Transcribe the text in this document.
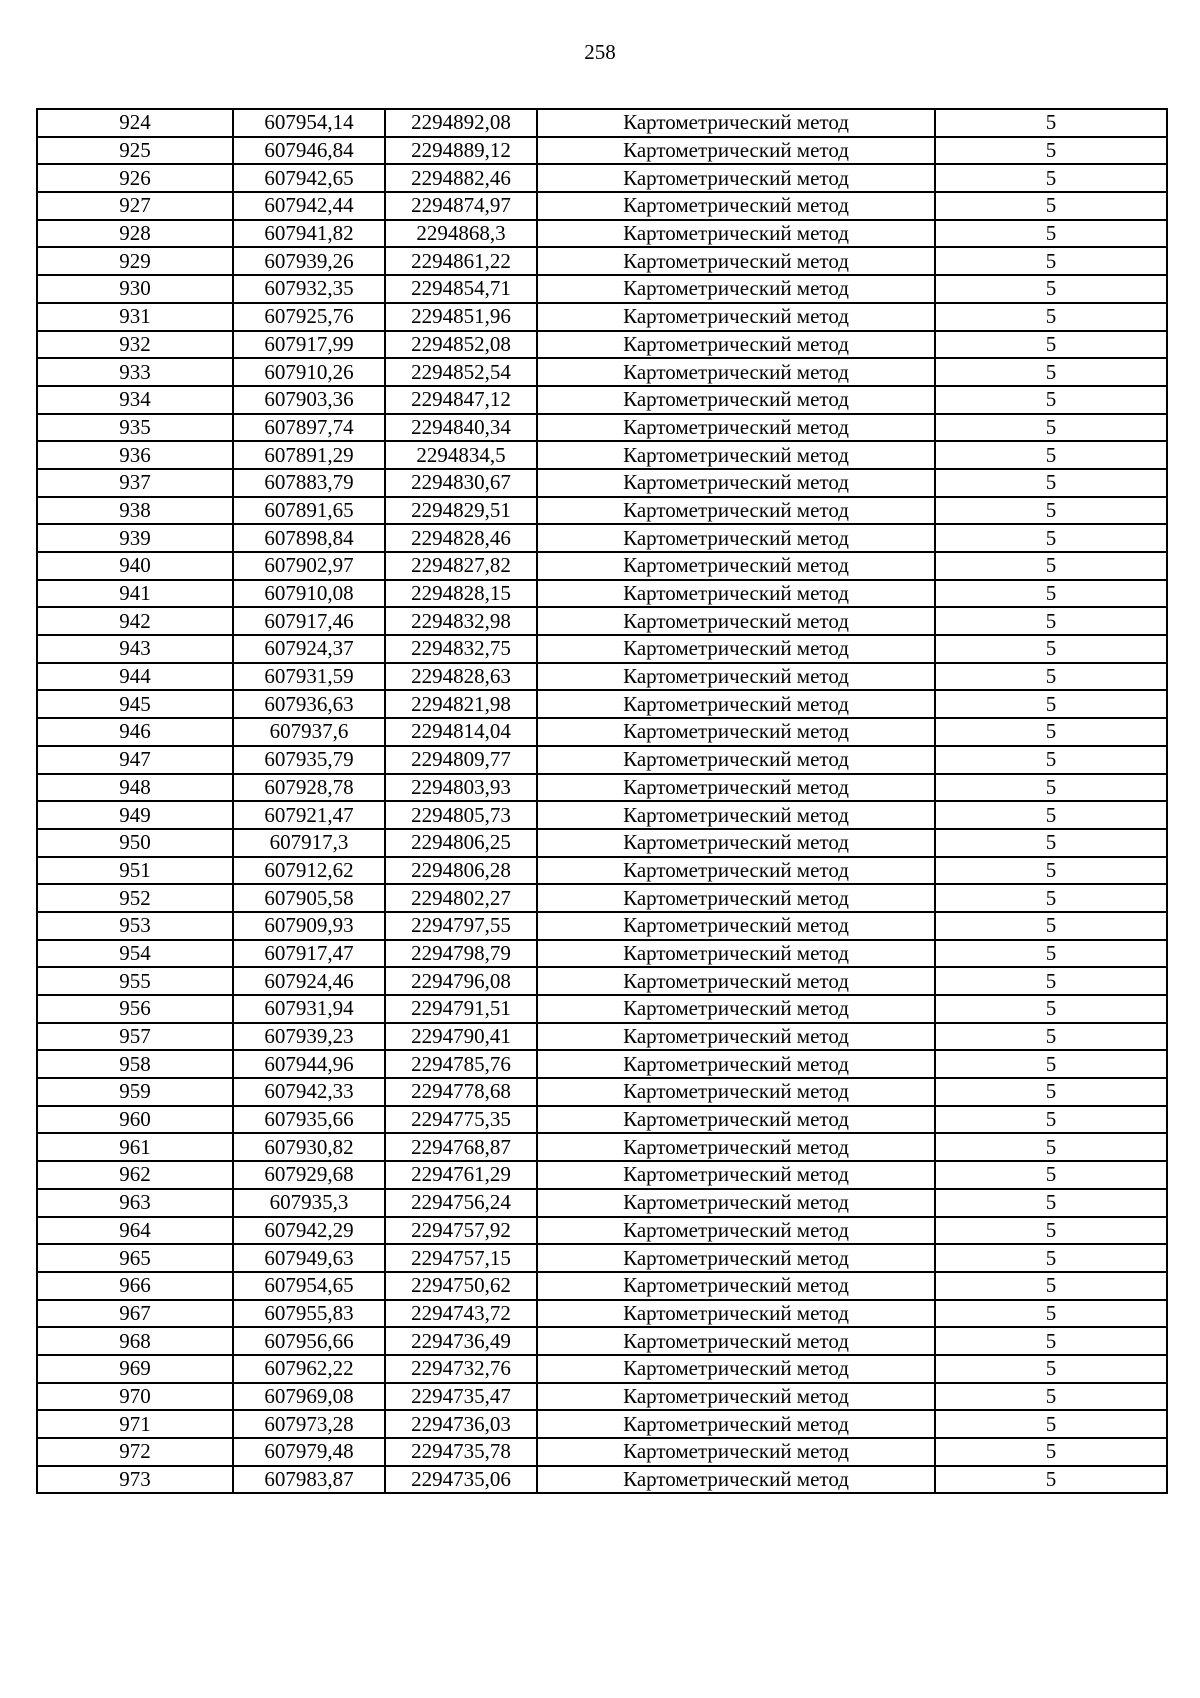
258
924	607954,14	2294892,08	Картометрический метод	5
925	607946,84	2294889,12	Картометрический метод	5
926	607942,65	2294882,46	Картометрический метод	5
927	607942,44	2294874,97	Картометрический метод	5
928	607941,82	2294868,3	Картометрический метод	5
929	607939,26	2294861,22	Картометрический метод	5
930	607932,35	2294854,71	Картометрический метод	5
931	607925,76	2294851,96	Картометрический метод	5
932	607917,99	2294852,08	Картометрический метод	5
933	607910,26	2294852,54	Картометрический метод	5
934	607903,36	2294847,12	Картометрический метод	5
935	607897,74	2294840,34	Картометрический метод	5
936	607891,29	2294834,5	Картометрический метод	5
937	607883,79	2294830,67	Картометрический метод	5
938	607891,65	2294829,51	Картометрический метод	5
939	607898,84	2294828,46	Картометрический метод	5
940	607902,97	2294827,82	Картометрический метод	5
941	607910,08	2294828,15	Картометрический метод	5
942	607917,46	2294832,98	Картометрический метод	5
943	607924,37	2294832,75	Картометрический метод	5
944	607931,59	2294828,63	Картометрический метод	5
945	607936,63	2294821,98	Картометрический метод	5
946	607937,6	2294814,04	Картометрический метод	5
947	607935,79	2294809,77	Картометрический метод	5
948	607928,78	2294803,93	Картометрический метод	5
949	607921,47	2294805,73	Картометрический метод	5
950	607917,3	2294806,25	Картометрический метод	5
951	607912,62	2294806,28	Картометрический метод	5
952	607905,58	2294802,27	Картометрический метод	5
953	607909,93	2294797,55	Картометрический метод	5
954	607917,47	2294798,79	Картометрический метод	5
955	607924,46	2294796,08	Картометрический метод	5
956	607931,94	2294791,51	Картометрический метод	5
957	607939,23	2294790,41	Картометрический метод	5
958	607944,96	2294785,76	Картометрический метод	5
959	607942,33	2294778,68	Картометрический метод	5
960	607935,66	2294775,35	Картометрический метод	5
961	607930,82	2294768,87	Картометрический метод	5
962	607929,68	2294761,29	Картометрический метод	5
963	607935,3	2294756,24	Картометрический метод	5
964	607942,29	2294757,92	Картометрический метод	5
965	607949,63	2294757,15	Картометрический метод	5
966	607954,65	2294750,62	Картометрический метод	5
967	607955,83	2294743,72	Картометрический метод	5
968	607956,66	2294736,49	Картометрический метод	5
969	607962,22	2294732,76	Картометрический метод	5
970	607969,08	2294735,47	Картометрический метод	5
971	607973,28	2294736,03	Картометрический метод	5
972	607979,48	2294735,78	Картометрический метод	5
973	607983,87	2294735,06	Картометрический метод	5
